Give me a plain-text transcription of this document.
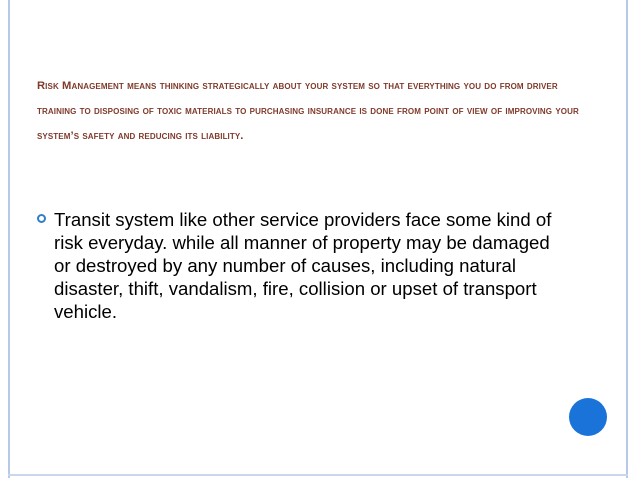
Risk Management means thinking strategically about your system so that everything you do from driver training to disposing of toxic materials to purchasing insurance is done from point of view of improving your system’s safety and reducing its liability.
Transit system like other service providers face some kind of risk everyday. while all manner of property may be damaged or destroyed by any number of causes, including natural disaster, thift, vandalism, fire, collision or upset of transport vehicle.
